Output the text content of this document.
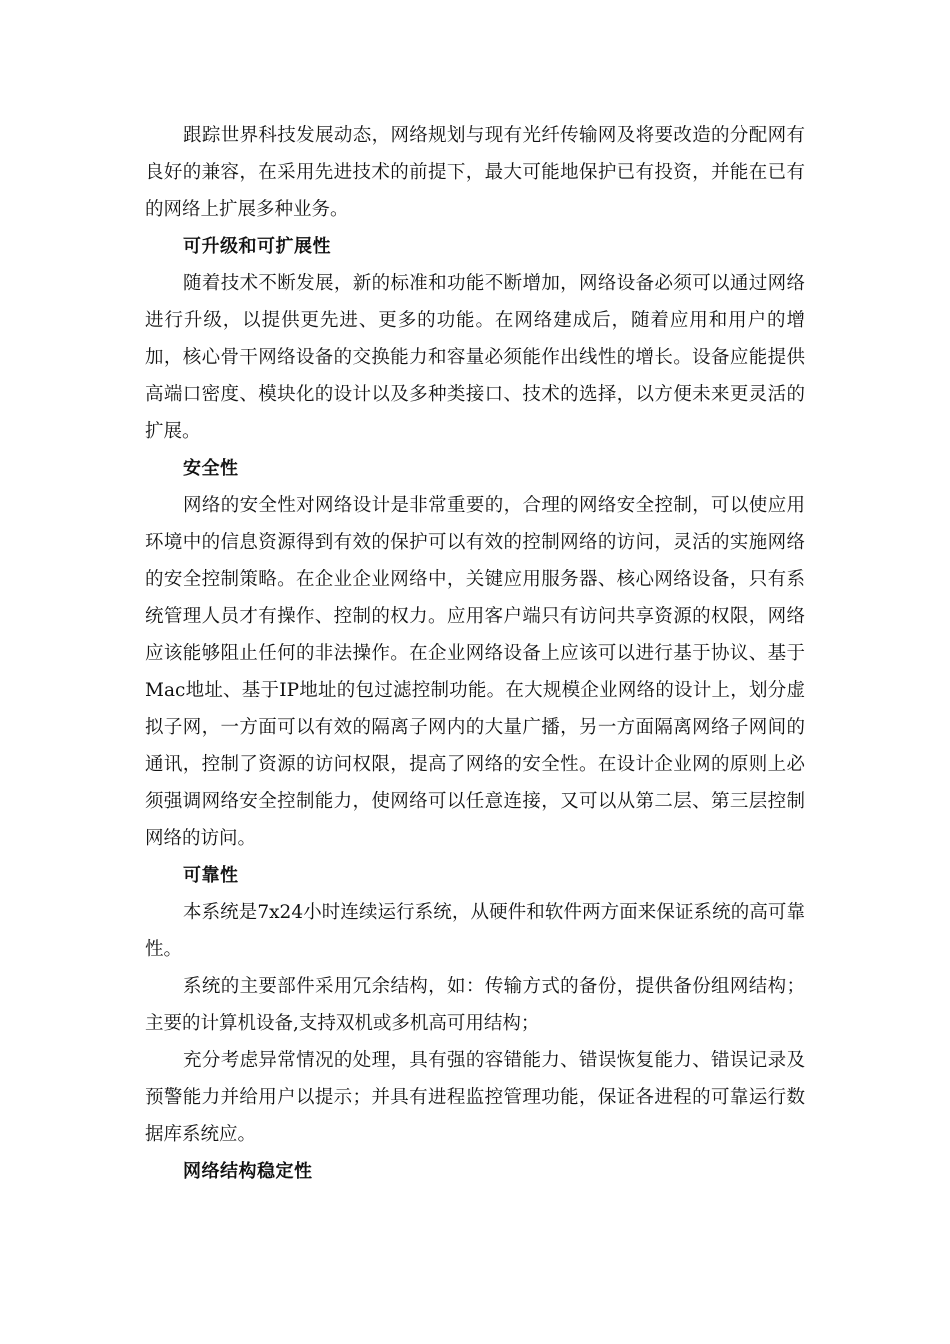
跟踪世界科技发展动态，网络规划与现有光纤传输网及将要改造的分配网有良好的兼容，在采用先进技术的前提下，最大可能地保护已有投资，并能在已有的网络上扩展多种业务。

可升级和可扩展性

随着技术不断发展，新的标准和功能不断增加，网络设备必须可以通过网络进行升级，以提供更先进、更多的功能。在网络建成后，随着应用和用户的增加，核心骨干网络设备的交换能力和容量必须能作出线性的增长。设备应能提供高端口密度、模块化的设计以及多种类接口、技术的选择，以方便未来更灵活的扩展。

安全性

网络的安全性对网络设计是非常重要的，合理的网络安全控制，可以使应用环境中的信息资源得到有效的保护可以有效的控制网络的访问，灵活的实施网络的安全控制策略。在企业企业网络中，关键应用服务器、核心网络设备，只有系统管理人员才有操作、控制的权力。应用客户端只有访问共享资源的权限，网络应该能够阻止任何的非法操作。在企业网络设备上应该可以进行基于协议、基于Mac地址、基于IP地址的包过滤控制功能。在大规模企业网络的设计上，划分虚拟子网，一方面可以有效的隔离子网内的大量广播，另一方面隔离网络子网间的通讯，控制了资源的访问权限，提高了网络的安全性。在设计企业网的原则上必须强调网络安全控制能力，使网络可以任意连接，又可以从第二层、第三层控制网络的访问。

可靠性

本系统是7x24小时连续运行系统，从硬件和软件两方面来保证系统的高可靠性。

系统的主要部件采用冗余结构，如：传输方式的备份，提供备份组网结构；主要的计算机设备,支持双机或多机高可用结构；

充分考虑异常情况的处理，具有强的容错能力、错误恢复能力、错误记录及预警能力并给用户以提示；并具有进程监控管理功能，保证各进程的可靠运行数据库系统应。

网络结构稳定性
